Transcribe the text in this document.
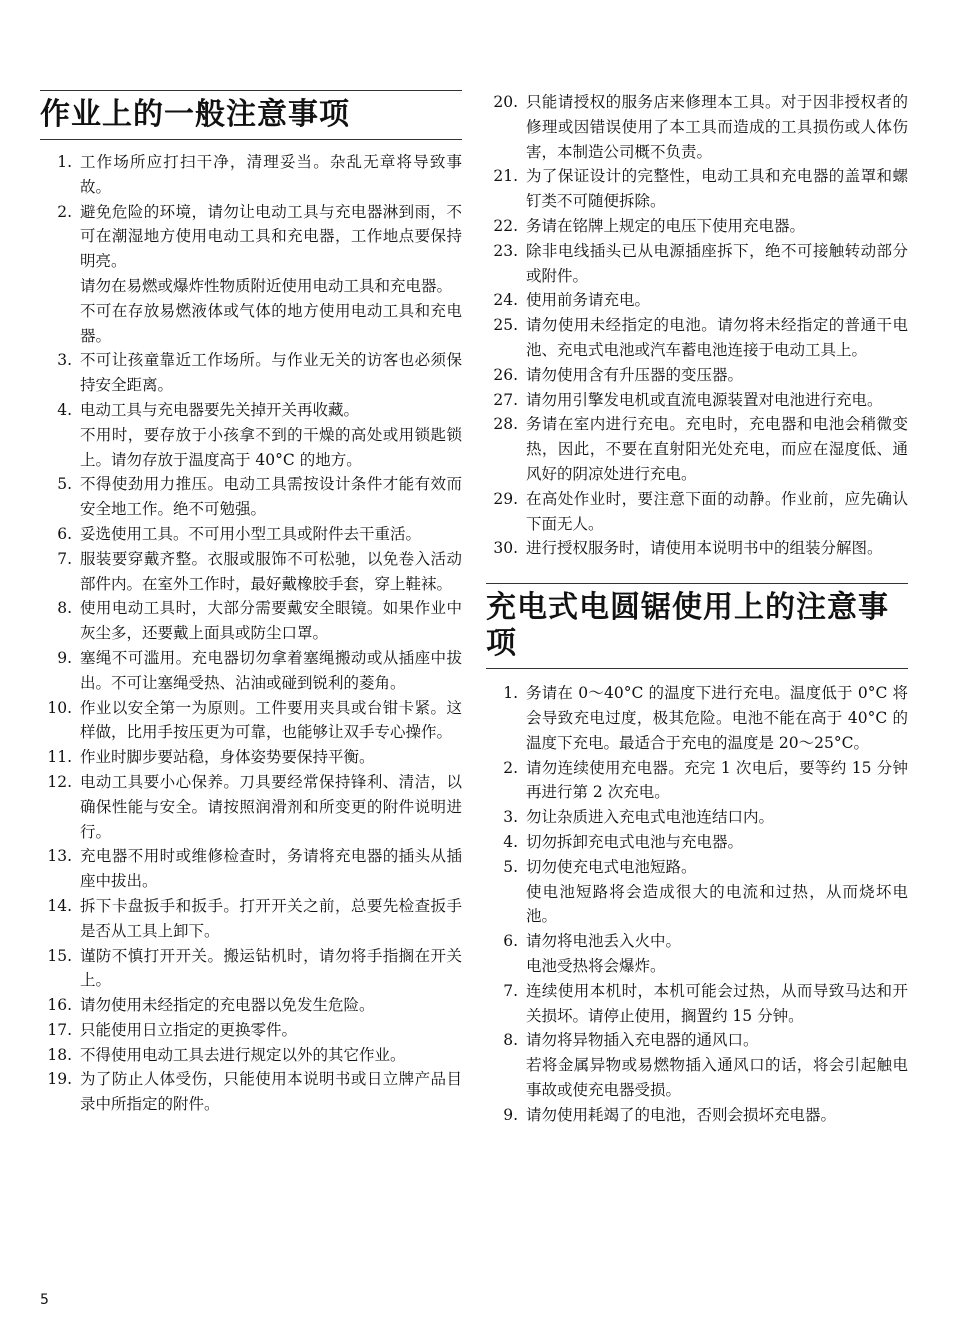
作业上的一般注意事项
1. 工作场所应打扫干净，清理妥当。杂乱无章将导致事故。
2. 避免危险的环境，请勿让电动工具与充电器淋到雨，不可在潮湿地方使用电动工具和充电器，工作地点要保持明亮。
请勿在易燃或爆炸性物质附近使用电动工具和充电器。
不可在存放易燃液体或气体的地方使用电动工具和充电器。
3. 不可让孩童靠近工作场所。与作业无关的访客也必须保持安全距离。
4. 电动工具与充电器要先关掉开关再收藏。
不用时，要存放于小孩拿不到的干燥的高处或用锁匙锁上。请勿存放于温度高于 40°C 的地方。
5. 不得使劲用力推压。电动工具需按设计条件才能有效而安全地工作。绝不可勉强。
6. 妥选使用工具。不可用小型工具或附件去干重活。
7. 服装要穿戴齐整。衣服或服饰不可松驰，以免卷入活动部件内。在室外工作时，最好戴橡胶手套，穿上鞋袜。
8. 使用电动工具时，大部分需要戴安全眼镜。如果作业中灰尘多，还要戴上面具或防尘口罩。
9. 塞绳不可滥用。充电器切勿拿着塞绳搬动或从插座中拔出。不可让塞绳受热、沾油或碰到锐利的菱角。
10. 作业以安全第一为原则。工件要用夹具或台钳卡紧。这样做，比用手按压更为可靠，也能够让双手专心操作。
11. 作业时脚步要站稳，身体姿势要保持平衡。
12. 电动工具要小心保养。刀具要经常保持锋利、清洁，以确保性能与安全。请按照润滑剂和所变更的附件说明进行。
13. 充电器不用时或维修检查时，务请将充电器的插头从插座中拔出。
14. 拆下卡盘扳手和扳手。打开开关之前，总要先检查扳手是否从工具上卸下。
15. 谨防不慎打开开关。搬运钻机时，请勿将手指搁在开关上。
16. 请勿使用未经指定的充电器以免发生危险。
17. 只能使用日立指定的更换零件。
18. 不得使用电动工具去进行规定以外的其它作业。
19. 为了防止人体受伤，只能使用本说明书或日立牌产品目录中所指定的附件。
20. 只能请授权的服务店来修理本工具。对于因非授权者的修理或因错误使用了本工具而造成的工具损伤或人体伤害，本制造公司概不负责。
21. 为了保证设计的完整性，电动工具和充电器的盖罩和螺钉类不可随便拆除。
22. 务请在铭牌上规定的电压下使用充电器。
23. 除非电线插头已从电源插座拆下，绝不可接触转动部分或附件。
24. 使用前务请充电。
25. 请勿使用未经指定的电池。请勿将未经指定的普通干电池、充电式电池或汽车蓄电池连接于电动工具上。
26. 请勿使用含有升压器的变压器。
27. 请勿用引擎发电机或直流电源装置对电池进行充电。
28. 务请在室内进行充电。充电时，充电器和电池会稍微变热，因此，不要在直射阳光处充电，而应在湿度低、通风好的阴凉处进行充电。
29. 在高处作业时，要注意下面的动静。作业前，应先确认下面无人。
30. 进行授权服务时，请使用本说明书中的组装分解图。
充电式电圆锯使用上的注意事项
1. 务请在 0～40°C 的温度下进行充电。温度低于 0°C 将会导致充电过度，极其危险。电池不能在高于 40°C 的温度下充电。最适合于充电的温度是 20～25°C。
2. 请勿连续使用充电器。充完 1 次电后，要等约 15 分钟再进行第 2 次充电。
3. 勿让杂质进入充电式电池连结口内。
4. 切勿拆卸充电式电池与充电器。
5. 切勿使充电式电池短路。
使电池短路将会造成很大的电流和过热，从而烧坏电池。
6. 请勿将电池丢入火中。
电池受热将会爆炸。
7. 连续使用本机时，本机可能会过热，从而导致马达和开关损坏。请停止使用，搁置约 15 分钟。
8. 请勿将异物插入充电器的通风口。
若将金属异物或易燃物插入通风口的话，将会引起触电事故或使充电器受损。
9. 请勿使用耗竭了的电池，否则会损坏充电器。
5
